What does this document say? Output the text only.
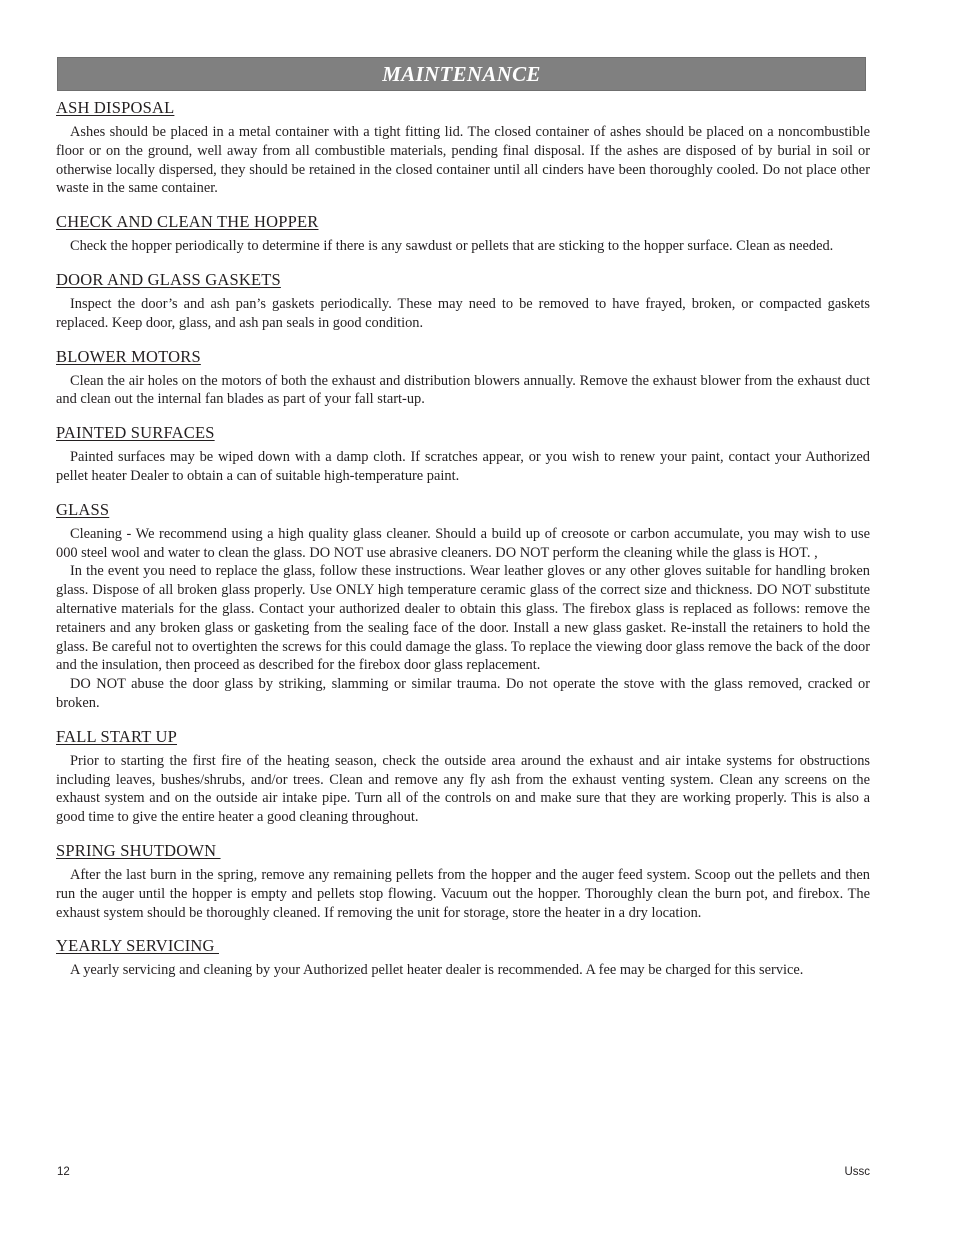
MAINTENANCE
ASH DISPOSAL

Ashes should be placed in a metal container with a tight fitting lid. The closed container of ashes should be placed on a noncombustible floor or on the ground, well away from all combustible materials, pending final disposal. If the ashes are disposed of by burial in soil or otherwise locally dispersed, they should be retained in the closed container until all cinders have been thoroughly cooled. Do not place other waste in the same container.

CHECK AND CLEAN THE HOPPER

Check the hopper periodically to determine if there is any sawdust or pellets that are sticking to the hopper surface. Clean as needed.

DOOR AND GLASS GASKETS

Inspect the door’s and ash pan’s gaskets periodically. These may need to be removed to have frayed, broken, or compacted gaskets replaced. Keep door, glass, and ash pan seals in good condition.

BLOWER MOTORS

Clean the air holes on the motors of both the exhaust and distribution blowers annually. Remove the exhaust blower from the exhaust duct and clean out the internal fan blades as part of your fall start-up.

PAINTED SURFACES

Painted surfaces may be wiped down with a damp cloth. If scratches appear, or you wish to renew your paint, contact your Authorized pellet heater Dealer to obtain a can of suitable high-temperature paint.

GLASS

Cleaning - We recommend using a high quality glass cleaner. Should a build up of creosote or carbon accumulate, you may wish to use 000 steel wool and water to clean the glass. DO NOT use abrasive cleaners. DO NOT perform the cleaning while the glass is HOT. ,

In the event you need to replace the glass, follow these instructions. Wear leather gloves or any other gloves suitable for handling broken glass. Dispose of all broken glass properly. Use ONLY high temperature ceramic glass of the correct size and thickness. DO NOT substitute alternative materials for the glass. Contact your authorized dealer to obtain this glass. The firebox glass is replaced as follows: remove the retainers and any broken glass or gasketing from the sealing face of the door. Install a new glass gasket. Re-install the retainers to hold the glass. Be careful not to overtighten the screws for this could damage the glass. To replace the viewing door glass remove the back of the door and the insulation, then proceed as described for the firebox door glass replacement.

DO NOT abuse the door glass by striking, slamming or similar trauma. Do not operate the stove with the glass removed, cracked or broken.

FALL START UP

Prior to starting the first fire of the heating season, check the outside area around the exhaust and air intake systems for obstructions including leaves, bushes/shrubs, and/or trees. Clean and remove any fly ash from the exhaust venting system. Clean any screens on the exhaust system and on the outside air intake pipe. Turn all of the controls on and make sure that they are working properly. This is also a good time to give the entire heater a good cleaning throughout.

SPRING SHUTDOWN

After the last burn in the spring, remove any remaining pellets from the hopper and the auger feed system. Scoop out the pellets and then run the auger until the hopper is empty and pellets stop flowing. Vacuum out the hopper. Thoroughly clean the burn pot, and firebox. The exhaust system should be thoroughly cleaned. If removing the unit for storage, store the heater in a dry location.

YEARLY SERVICING

A yearly servicing and cleaning by your Authorized pellet heater dealer is recommended. A fee may be charged for this service.

12	Ussc
